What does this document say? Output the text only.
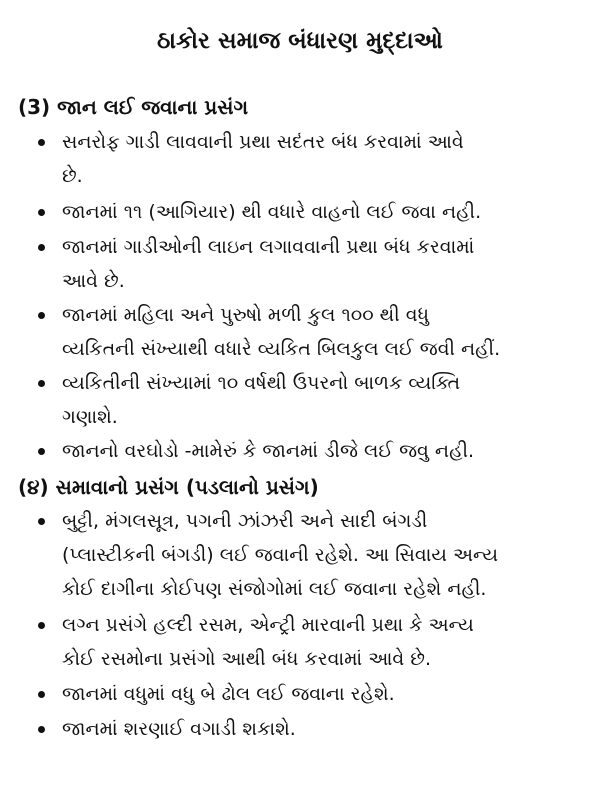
ઠાકોર સમાજ બંધારણ મુદ્દાઓ
(3) જાન લઈ જવાના પ્રસંગ
સનરોફ ગાડી લાવવાની પ્રથા સદંતર બંધ કરવામાં આવે
છે.
જાનમાં ૧૧ (આગિયાર) થી વધારે વાહનો લઈ જવા નહી.
જાનમાં ગાડીઓની લાઇન લગાવવાની પ્રથા બંધ કરવામાં
આવે છે.
જાનમાં મહિલા અને પુરુષો મળી કુલ ૧૦૦ થી વધુ
વ્યકિતની સંખ્યાથી વધારે વ્યકિત બિલકુલ લઈ જવી નહીં.
વ્યકિતીની સંખ્યામાં ૧૦ વર્ષથી ઉપરનો બાળક વ્યક્તિ
ગણાશે.
જાનનો વરઘોડો -મામેરું કે જાનમાં ડીજે લઈ જવુ નહી.
(૪) સમાવાનો પ્રસંગ (પડલાનો પ્રસંગ)
બુટ્ટી, મંગલસૂત્ર, પગની ઝાંઝરી અને સાદી બંગડી
(પ્લાસ્ટીકની બંગડી) લઈ જવાની રહેશે. આ સિવાય અન્ય
કોઈ દાગીના કોઈપણ સંજોગોમાં લઈ જવાના રહેશે નહી.
લગ્ન પ્રસંગે હલ્દી રસમ, એન્ટ્રી મારવાની પ્રથા કે અન્ય
કોઈ રસમોના પ્રસંગો આથી બંધ કરવામાં આવે છે.
જાનમાં વધુમાં વધુ બે ઢોલ લઈ જવાના રહેશે.
જાનમાં શરણાઈ વગાડી શકાશે.
